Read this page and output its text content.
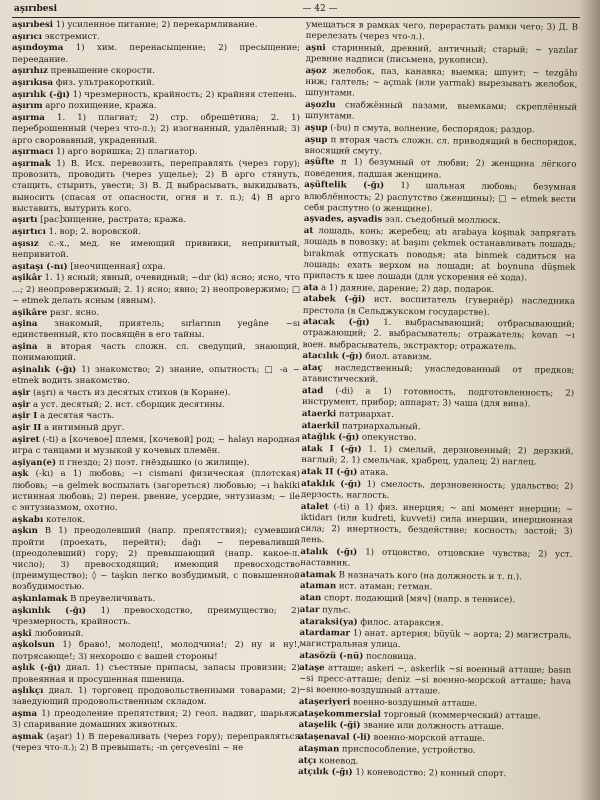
aşırıbesi	— 42 —

aşırıbesi 1) усиленное питание; 2) перекармливание.

aşırıcı экстремист.

aşındoyma 1) хим. перенасыщение; 2) пресыщение; переедание.

aşırıhız превышение скорости.

aşırıkısa физ. ультракороткий.

aşırılık (-ğı) 1) чрезмерность, крайность; 2) крайняя степень.

aşırım арго похищение, кража.

aşırma 1. 1) плагиат; 2) стр. обрешётина; 2. 1) переброшенный (через что-л.); 2) изогнанный, удалённый; 3) арго своровавный, украденный.

aşırmacı 1) арго воришка; 2) плагиатор.

aşırmak 1) В. Исх. перевозить, переправлять (через гору); провозить, проводить (через ущелье); 2) В арго стянуть, стащить, стырить, увести; 3) В. Д выбрасывать, выкидывать, выносить (спасая от опасности, огня и т. п.); 4) В арго выставить, вытурить кого.

aşırtı [рас]хищение, растрата; кража.

aşırtıcı 1. вор; 2. воровской.

aşısız с.-х., мед. не имеющий прививки, непривитый, непривитой.

aşıtaşı (-nı) [неочищенная] охра.

aşikâr 1. 1) ясный; явный, очевидный; ~dır (ki) ясно; ясно, что ...; 2) неопровержимый; 2. 1) ясно; явно; 2) неопровержимо; □ ~ etmek делать ясным (явным).

aşikâre разг. ясно.

aşina знакомый, приятель; sırlarının yegâne ~sı единственный, кто посвящён в его тайны.

aşina в вторая часть сложн. сл. сведущий, знающий, понимающий.

aşinalık (-ğı) 1) знакомство; 2) знание, опытность; □ -a ~ etmek водить знакомство.

aşir (aşrı) а часть из десятых стихов (в Коране).

aşir а уст. десятый; 2. ист. сборщик десятины.

aşir I а десятая часть.

aşir II а интимный друг.

aşiret (-ti) а [кочевое] племя, [кочевой] род; ~ halayı народная игра с танцами и музыкой у кочевых племён.

aşiyan(e) п гнездо; 2) поэт. гнёздышко (о жилище).

aşk (-kı) а 1) любовь; ~ı cismani физическая (плотская) любовь; ~a gelmek воспылать (загореться) любовью; ~ı hakiki истинная любовь; 2) перен. рвение, усердие, энтузиазм; ~ ile с энтузиазмом, охотно.

aşkabı котелок.

aşkın В 1) преодолевший (напр. препятствия); сумевший пройти (проехать, перейти); dağı ~ перевалившй (преодолевший) гору; 2) превышающий (напр. какое-л. число); 3) превосходящий; имеющий превосходство (преимущество); ◊ ~ taşkın легко возбудимый, с повышенной возбудимостью.

aşkınlamak В преувеличивать.

aşkınlık (-ğı) 1) превосходство, преимущество; 2) чрезмерность, крайность.

aşkî любовный.

aşkolsun 1) браво!, молодец!, молодчина!; 2) ну и ну!, потрясающе!; 3) нехорошо с вашей стороны!

aşlık (-ğı) диал. 1) съестные припасы, запасы провизии; 2) провеянная и просушенная пшеница.

aşlıkçı диал. 1) торговец продовольственными товарами; 2) заведующий продовольственным складом.

aşma 1) преодоление препятствия; 2) геол. надвиг, шарьяж; 3) спаривание домашних животных.

aşmak (aşar) 1) В переваливать (через гору); переправляться (через что-л.); 2) В превышать; -ın çerçevesini ~ не

умещаться в рамках чего, перерастать рамки чего; 3) Д. В перелезать (через что-л.).

aşni старинный, древний, античный; старый; ~ yazılar древние надписи (письмена, рукописи).

aşoz желобок, паз, канавка; выемка; шпунт; ~ tezgâhı ниж; галтель; ~ açmak (или yarmak) вырезывать желобок, шпунтами.

aşozlu снабжённый пазами, выемками; скреплённый шпунтами.

aşup (-bu) п смута, волнение, беспорядок; раздор.

aşup п вторая часть сложн. сл. приводящий в беспорядок, вносящий смуту.

aşüfte п 1) безумный от любви; 2) женщина лёгкого поведения, падшая женщина.

aşüftelik (-ğı) 1) шальная любовь; безумная влюблённость; 2) распутство (женщины); □ ~ etmek вести себя распутно (о женщине).

aşvades, aşvadis ээл. съедобный моллюск.

at лошадь, конь; жеребец; atı arabaya koşmak запрягать лошадь в повозку; at başını çekmek останавливать лошадь; bırakmak отпускать поводья; ata binmek садиться на лошадь; ехать верхом на лошади; at boynuna düşmek припасть к шее лошади (для ускорения её хода).

ata а 1) даяние, дарение; 2) дар, подарок.

atabek (-ği) ист. воспитатель (гувернёр) наследника престола (в Сельджукском государстве).

atacak (-ğı) 1. выбрасывающий; отбрасывающий; отражающий; 2. выбрасыватель; отражатель; kovan ~ı воен. выбрасыватель, экстрактор; отражатель.

atacılık (-ğı) биол. атавизм.

ataç наследственный; унаследованный от предков; атавистический.

atad (-di) а 1) готовность, подготовленность; 2) инструмент, прибор; аппарат; 3) чаша (для вина).

ataerki патриархат.

ataerkil патриархальный.

atağlık (-ğı) опекунство.

atak I (-ğı) 1. 1) смелый, дерзновенный; 2) дерзкий, наглый; 2. 1) смельчак, храбрец, удалец; 2) наглец.

atak II (-ğı) атака.

ataklık (-ğı) 1) смелость, дерзновенность; удальство; 2) дерзость, наглость.

atalet (-ti) а 1) физ. инерция; ~ ani момент инерции; ~ iktidarı (или kudreti, kuvveti) сила инерции, инерционная сила; 2) инертность, бездействие; косность; застой; 3) лень.

atalık (-ğı) 1) отцовство, отцовские чувства; 2) уст. наставник.

atamak В назначать кого (на должность и т. п.).

ataman ист. атаман; гетман.

atan спорт. подающий [мяч] (напр. в теннисе).

atar пульс.

ataraksi(ya) филос. атараксия.

atardamar 1) анат. артерия; büyük ~ аорта; 2) магистраль, магистральная улица.

atasözü (-nü) пословица.

ataşe атташе; askeri ~, askerlik ~si военный атташе; basın ~si пресс-атташе; deniz ~si военно-морской атташе; hava ~si военно-воздушный атташе.

ataşeriyeri военно-воздушный атташе.

ataşekommersial торговый (коммерческий) атташе.

ataşelik (-ği) звание или должность атташе.

ataşenaval (-li) военно-морской атташе.

ataşman приспособление, устройство.

atçı коневод.

atçılık (-ğı) 1) коневодство; 2) конный спорт.
